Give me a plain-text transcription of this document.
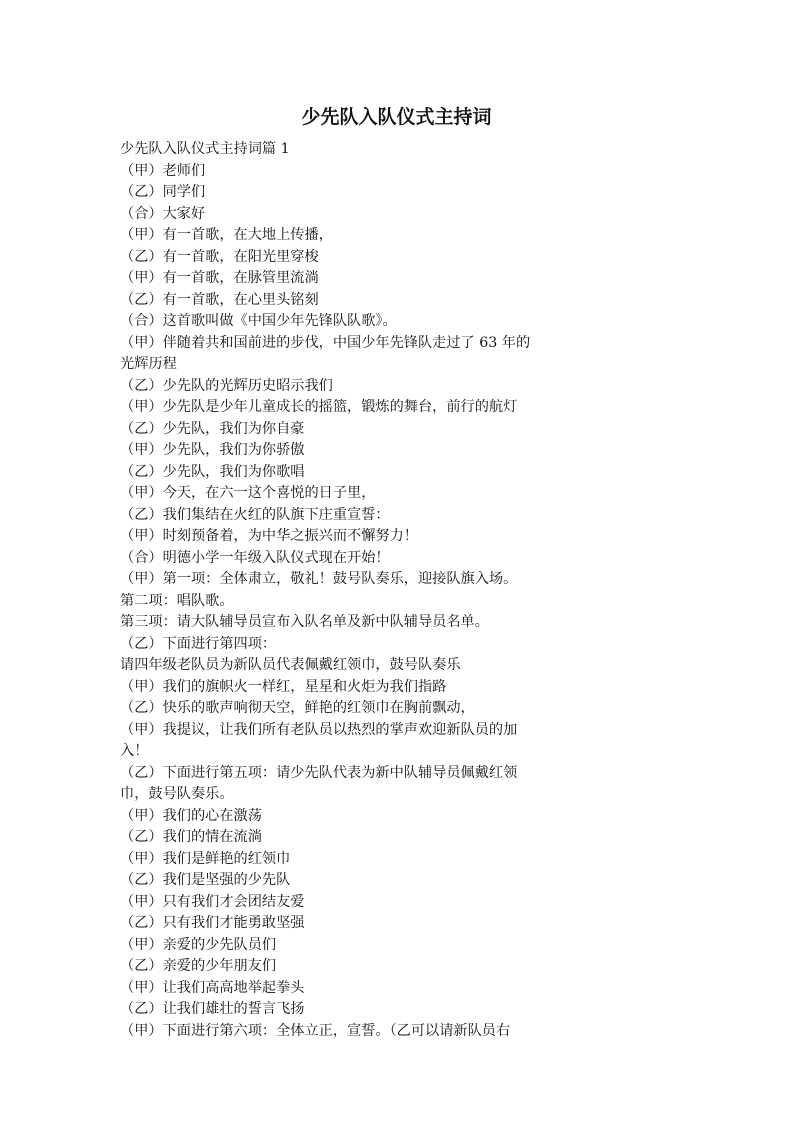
少先队入队仪式主持词
少先队入队仪式主持词篇 1
（甲）老师们
（乙）同学们
（合）大家好
（甲）有一首歌，在大地上传播，
（乙）有一首歌，在阳光里穿梭
（甲）有一首歌，在脉管里流淌
（乙）有一首歌，在心里头铭刻
（合）这首歌叫做《中国少年先锋队队歌》。
（甲）伴随着共和国前进的步伐，中国少年先锋队走过了 63 年的
光辉历程
（乙）少先队的光辉历史昭示我们
（甲）少先队是少年儿童成长的摇篮，锻炼的舞台，前行的航灯
（乙）少先队，我们为你自豪
（甲）少先队，我们为你骄傲
（乙）少先队，我们为你歌唱
（甲）今天，在六一这个喜悦的日子里，
（乙）我们集结在火红的队旗下庄重宣誓：
（甲）时刻预备着，为中华之振兴而不懈努力！
（合）明德小学一年级入队仪式现在开始！
（甲）第一项：全体肃立，敬礼！鼓号队奏乐，迎接队旗入场。
第二项：唱队歌。
第三项：请大队辅导员宣布入队名单及新中队辅导员名单。
（乙）下面进行第四项：
请四年级老队员为新队员代表佩戴红领巾，鼓号队奏乐
（甲）我们的旗帜火一样红，星星和火炬为我们指路
（乙）快乐的歌声响彻天空，鲜艳的红领巾在胸前飘动，
（甲）我提议，让我们所有老队员以热烈的掌声欢迎新队员的加
入！
（乙）下面进行第五项：请少先队代表为新中队辅导员佩戴红领
巾，鼓号队奏乐。
（甲）我们的心在激荡
（乙）我们的情在流淌
（甲）我们是鲜艳的红领巾
（乙）我们是坚强的少先队
（甲）只有我们才会团结友爱
（乙）只有我们才能勇敢坚强
（甲）亲爱的少先队员们
（乙）亲爱的少年朋友们
（甲）让我们高高地举起拳头
（乙）让我们雄壮的誓言飞扬
（甲）下面进行第六项：全体立正，宣誓。（乙可以请新队员右
